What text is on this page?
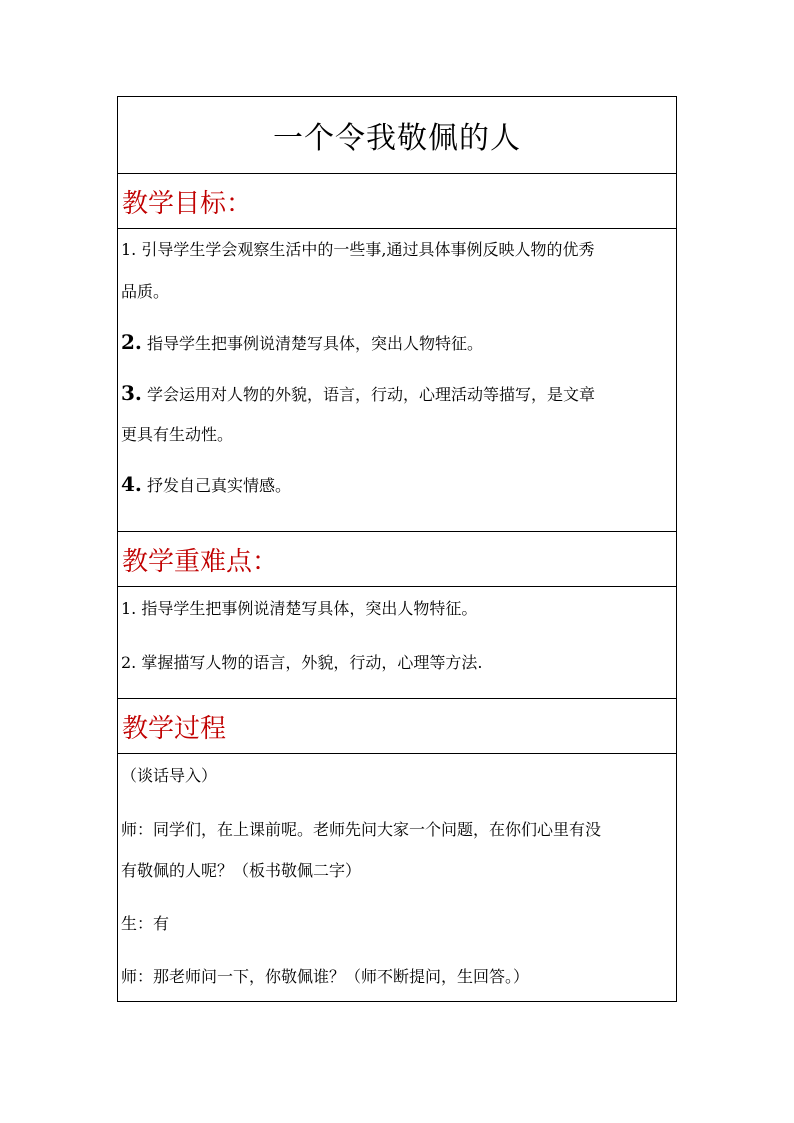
一个令我敬佩的人
教学目标：

1. 引导学生学会观察生活中的一些事,通过具体事例反映人物的优秀

品质。

2. 指导学生把事例说清楚写具体，突出人物特征。

3. 学会运用对人物的外貌，语言，行动，心理活动等描写，是文章

更具有生动性。

4. 抒发自己真实情感。

教学重难点：

1. 指导学生把事例说清楚写具体，突出人物特征。

2. 掌握描写人物的语言，外貌，行动，心理等方法.

教学过程

（谈话导入）

师：同学们，在上课前呢。老师先问大家一个问题，在你们心里有没

有敬佩的人呢？（板书敬佩二字）

生：有

师：那老师问一下，你敬佩谁？（师不断提问，生回答。）
